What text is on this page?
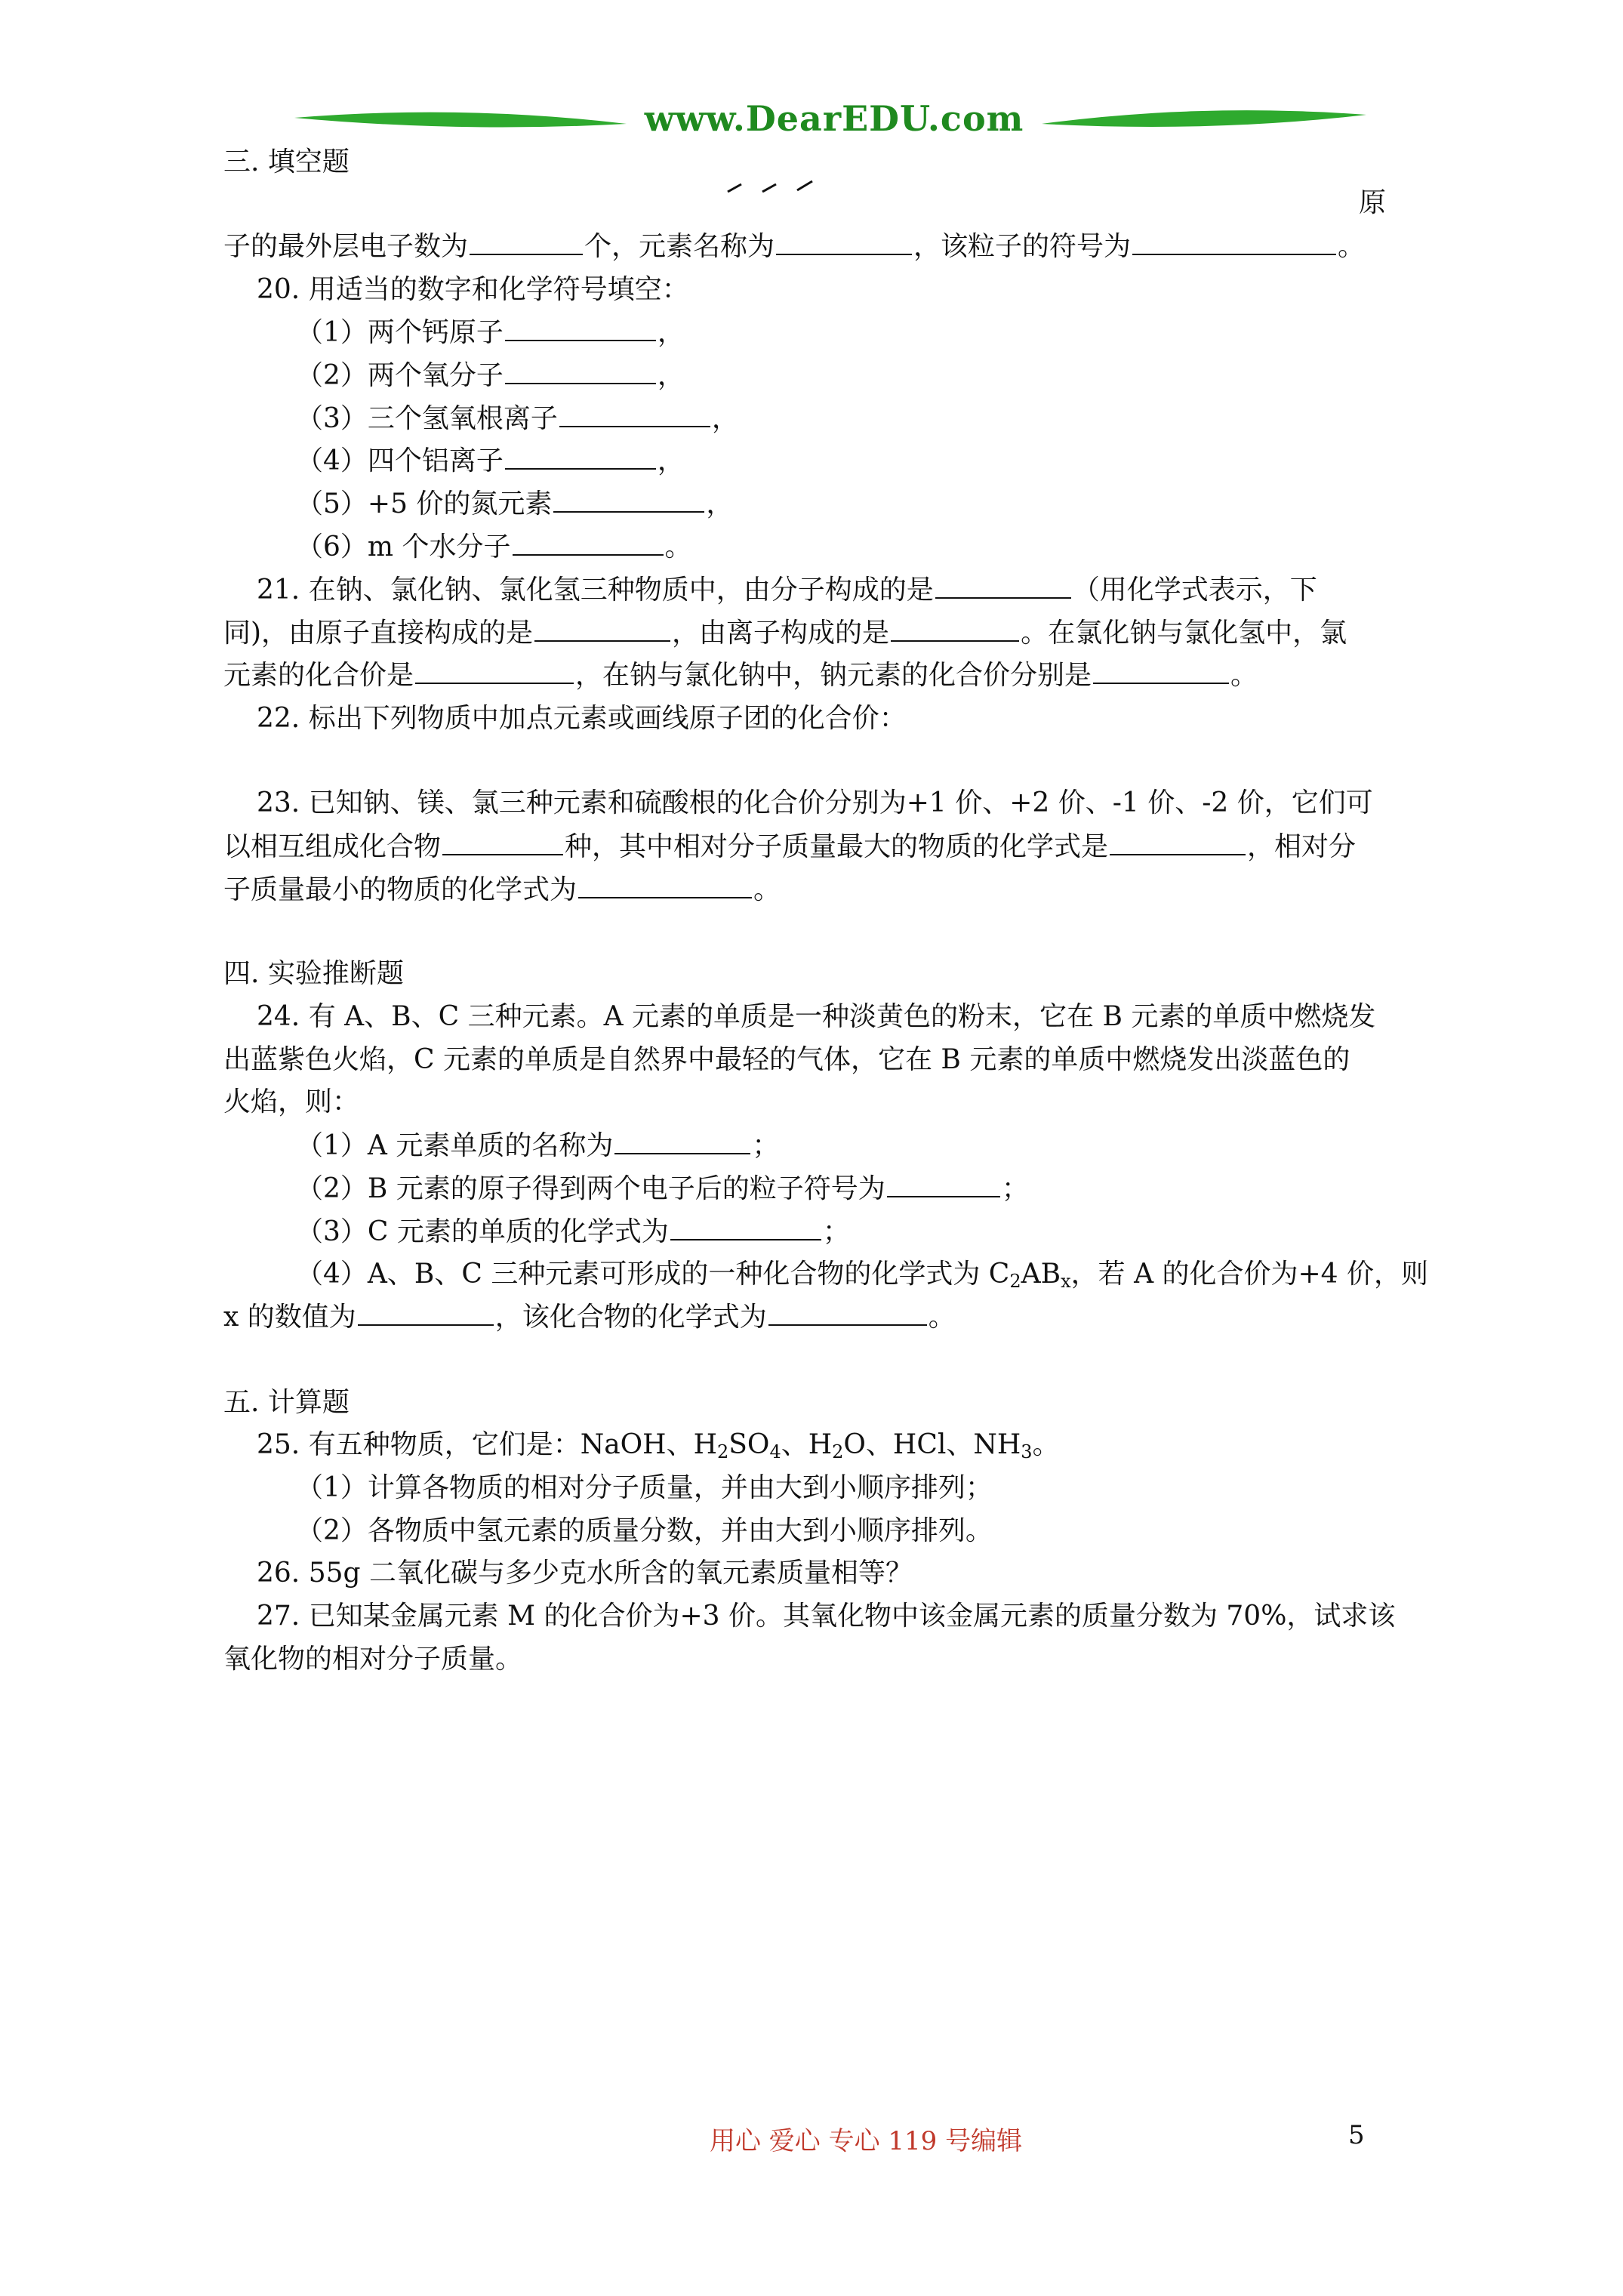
www.DearEDU.com
三. 填空题
原
子的最外层电子数为	个，元素名称为	，该粒子的符号为	。
20. 用适当的数字和化学符号填空：
（1）两个钙原子	，
（2）两个氧分子	，
（3）三个氢氧根离子	，
（4）四个铝离子	，
（5）+5 价的氮元素	，
（6）m 个水分子	。
21. 在钠、氯化钠、氯化氢三种物质中，由分子构成的是	（用化学式表示，下
同)，由原子直接构成的是	，由离子构成的是	。在氯化钠与氯化氢中，氯
元素的化合价是	，在钠与氯化钠中，钠元素的化合价分别是	。
22. 标出下列物质中加点元素或画线原子团的化合价：
23. 已知钠、镁、氯三种元素和硫酸根的化合价分别为+1 价、+2 价、-1 价、-2 价，它们可
以相互组成化合物	种，其中相对分子质量最大的物质的化学式是	，相对分
子质量最小的物质的化学式为	。
四. 实验推断题
24. 有 A、B、C 三种元素。A 元素的单质是一种淡黄色的粉末，它在 B 元素的单质中燃烧发
出蓝紫色火焰，C 元素的单质是自然界中最轻的气体，它在 B 元素的单质中燃烧发出淡蓝色的
火焰，则：
（1）A 元素单质的名称为	；
（2）B 元素的原子得到两个电子后的粒子符号为	；
（3）C 元素的单质的化学式为	；
（4）A、B、C 三种元素可形成的一种化合物的化学式为 $C_2AB_x$，若 A 的化合价为+4 价，则
x 的数值为	，该化合物的化学式为	。
五. 计算题
25. 有五种物质，它们是：NaOH、$H_2SO_4$、$H_2O$、HCl、$NH_3$。
（1）计算各物质的相对分子质量，并由大到小顺序排列；
（2）各物质中氢元素的质量分数，并由大到小顺序排列。
26. 55g 二氧化碳与多少克水所含的氧元素质量相等？
27. 已知某金属元素 M 的化合价为+3 价。其氧化物中该金属元素的质量分数为 70%，试求该
氧化物的相对分子质量。
用心 爱心 专心 119 号编辑	5
